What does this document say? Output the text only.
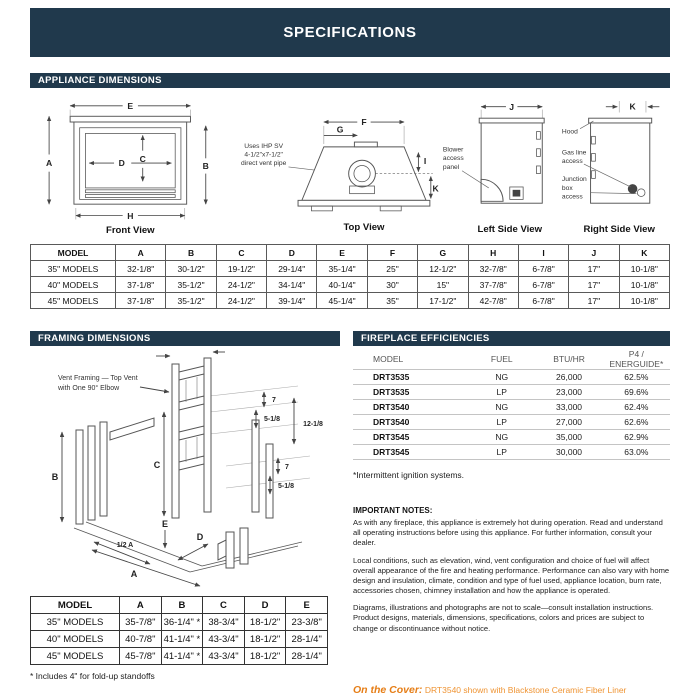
SPECIFICATIONS
APPLIANCE DIMENSIONS
E
A	B
C
D
H
Front View
Uses IHP SV
4-1/2"x7-1/2"
direct vent pipe
F
G
I
K
Top View
J
Blower
access
panel
Left Side View
K
Hood
Gas line
access
Junction
box
access
Right Side View
MODEL	A	B	C	D	E	F	G	H	I	J	K
35" MODELS	32-1/8"	30-1/2"	19-1/2"	29-1/4"	35-1/4"	25"	12-1/2"	32-7/8"	6-7/8"	17"	10-1/8"
40" MODELS	37-1/8"	35-1/2"	24-1/2"	34-1/4"	40-1/4"	30"	15"	37-7/8"	6-7/8"	17"	10-1/8"
45" MODELS	37-1/8"	35-1/2"	24-1/2"	39-1/4"	45-1/4"	35"	17-1/2"	42-7/8"	6-7/8"	17"	10-1/8"
FRAMING DIMENSIONS
Vent Framing — Top Vent
with One 90° Elbow
B
C
7
5-1/8
12-1/8
7
5-1/8
E
D
1/2 A
A
MODEL	A	B	C	D	E
35" MODELS	35-7/8"	36-1/4" *	38-3/4"	18-1/2"	23-3/8"
40" MODELS	40-7/8"	41-1/4" *	43-3/4"	18-1/2"	28-1/4"
45" MODELS	45-7/8"	41-1/4" *	43-3/4"	18-1/2"	28-1/4"
* Includes 4" for fold-up standoffs
FIREPLACE EFFICIENCIES
MODEL	FUEL	BTU/HR	P4 / ENERGUIDE*
DRT3535	NG	26,000	62.5%
DRT3535	LP	23,000	69.6%
DRT3540	NG	33,000	62.4%
DRT3540	LP	27,000	62.6%
DRT3545	NG	35,000	62.9%
DRT3545	LP	30,000	63.0%
*Intermittent ignition systems.
IMPORTANT NOTES:

As with any fireplace, this appliance is extremely hot during operation. Read and understand all operating instructions before using this appliance. For further information, consult your dealer.

Local conditions, such as elevation, wind, vent configuration and choice of fuel will affect overall appearance of the fire and heating performance. Performance can also vary with home design and insulation, climate, condition and type of fuel used, appliance location, burn rate, accessories chosen, chimney installation and how the appliance is operated.

Diagrams, illustrations and photographs are not to scale—consult installation instructions. Product designs, materials, dimensions, specifications, colors and prices are subject to change or discontinuance without notice.

On the Cover: DRT3540 shown with Blackstone Ceramic Fiber Liner
